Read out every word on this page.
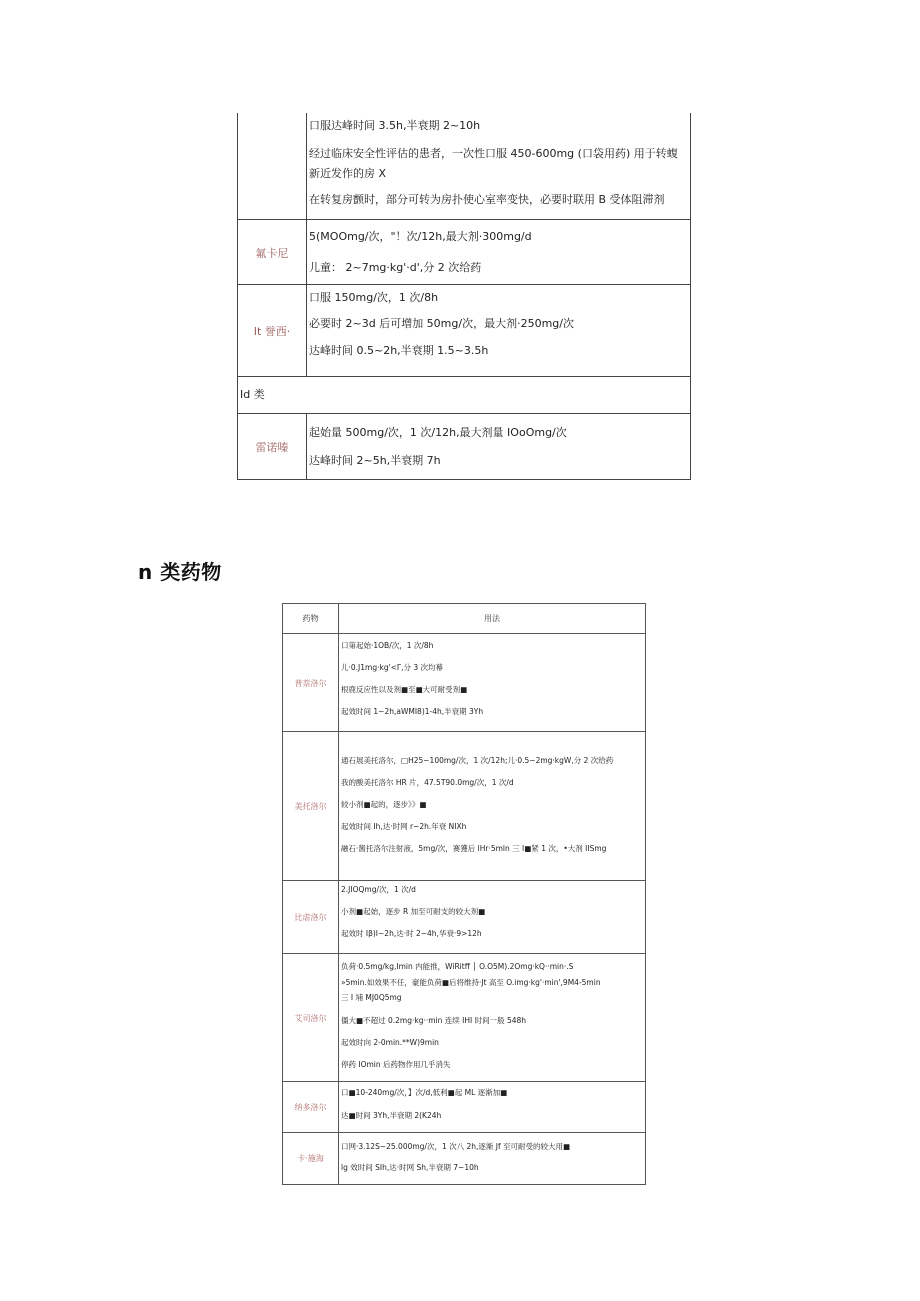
口服达峰时间 3.5h,半衰期 2~10h
经过临床安全性评估的患者，一次性口服 450-600mg (口袋用药) 用于转蝮
新近发作的房 X
在转复房颤时，部分可转为房扑使心室率变快，必要时联用 B 受体阻滞剂
氟卡尼
5(MOOmg/次，"！次/12h,最大剂·300mg/d
儿童： 2~7mg·kg'·d',分 2 次给药
It 誉西·
口服 150mg/次，1 次/8h
必要时 2~3d 后可增加 50mg/次，最大剂·250mg/次
达峰时间 0.5~2h,半衰期 1.5~3.5h
Id 类
雷诺嗪
起始量 500mg/次，1 次/12h,最大剂量 IOoOmg/次
达峰时间 2~5h,半衰期 7h
n 类药物
药物	用法
普萘洛尔
口第起始·1OB/次，1 次/8h
儿·0.J1mg·kg'<Γ,分 3 次均幕
根鹿反应性以及剂■至■大可耐受剂■
起效时间 1~2h,aWMI8)1-4h,半衰期 3Yh
美托洛尔
通石展美托洛尔，□H25~100mg/次，1 次/12h;儿·0.5~2mg·kgW,分 2 次给药
我的酸美托洛尔 HR 片，47.5T90.0mg/次，1 次/d
较小剂■起的，逐步》》■
起效时间 Ih,达·时网 r~2h.年衰 NIXh
融石·酱托洛尔注射液，5mg/次，赛獲后 lHr·5mln 三 I■紧 1 次，•大剂 IISmg
比虐洛尔
2.JIOQmg/次，1 次/d
小剂■起始，逐步 R 加至可耐支的较大剂■
起效时 Iβ)I~2h,达·时 2~4h,华衰·9>12h
艾司洛尔
负荷·0.5mg/kg,Imin 内能推，WiRitff │ O.O5M).2Omg·kQ··min·.S
»5min.如效果不任，豪能负荷■后将维持·Jt 高至 O.img·kg'·min',9M4-5min
三 I 埔 MJ0Q5mg
僵大■不超过 0.2mg·kg··min 连续 IHI 时间一般 548h
起效时向 2-0min.**W)9min
停药 IOmin 后药物作用几乎消失
纳多洛尔
口■10-240mg/次，】次/d,低利■起 ML 逐渐加■
达■时间 3Yh,半衰期 2(K24h
卡·施海
口网·3.12S~25.000mg/次，1 次八 2h,逐渐 Jf 至可耐受的较大用■
lg 效时间 SIh,达·时网 Sh,半衰期 7~10h
